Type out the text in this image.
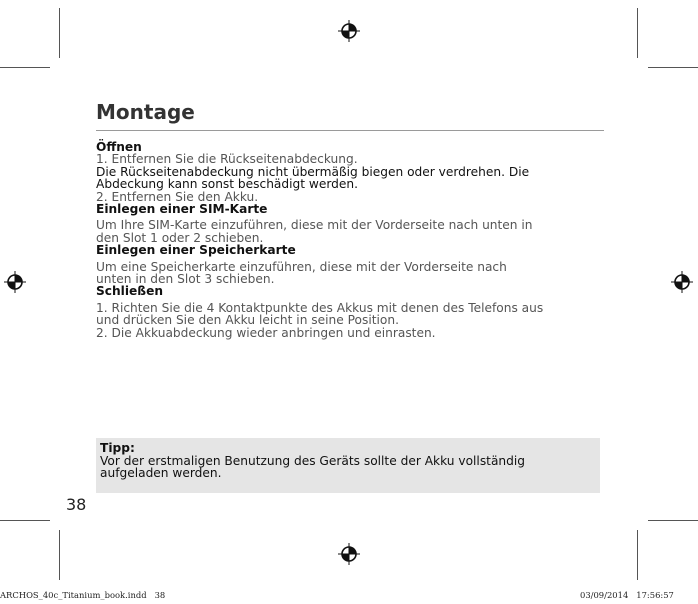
Montage

Öffnen

1. Entfernen Sie die Rückseitenabdeckung.

Die Rückseitenabdeckung nicht übermäßig biegen oder verdrehen. Die

Abdeckung kann sonst beschädigt werden.

2. Entfernen Sie den Akku.

Einlegen einer SIM-Karte

Um Ihre SIM-Karte einzuführen, diese mit der Vorderseite nach unten in

den Slot 1 oder 2 schieben.

Einlegen einer Speicherkarte

Um eine Speicherkarte einzuführen, diese mit der Vorderseite nach

unten in den Slot 3 schieben.

Schließen

1. Richten Sie die 4 Kontaktpunkte des Akkus mit denen des Telefons aus

und drücken Sie den Akku leicht in seine Position.

2. Die Akkuabdeckung wieder anbringen und einrasten.

Tipp:

Vor der erstmaligen Benutzung des Geräts sollte der Akku vollständig

aufgeladen werden.

38
ARCHOS_40c_Titanium_book.indd   38	03/09/2014   17:56:57
